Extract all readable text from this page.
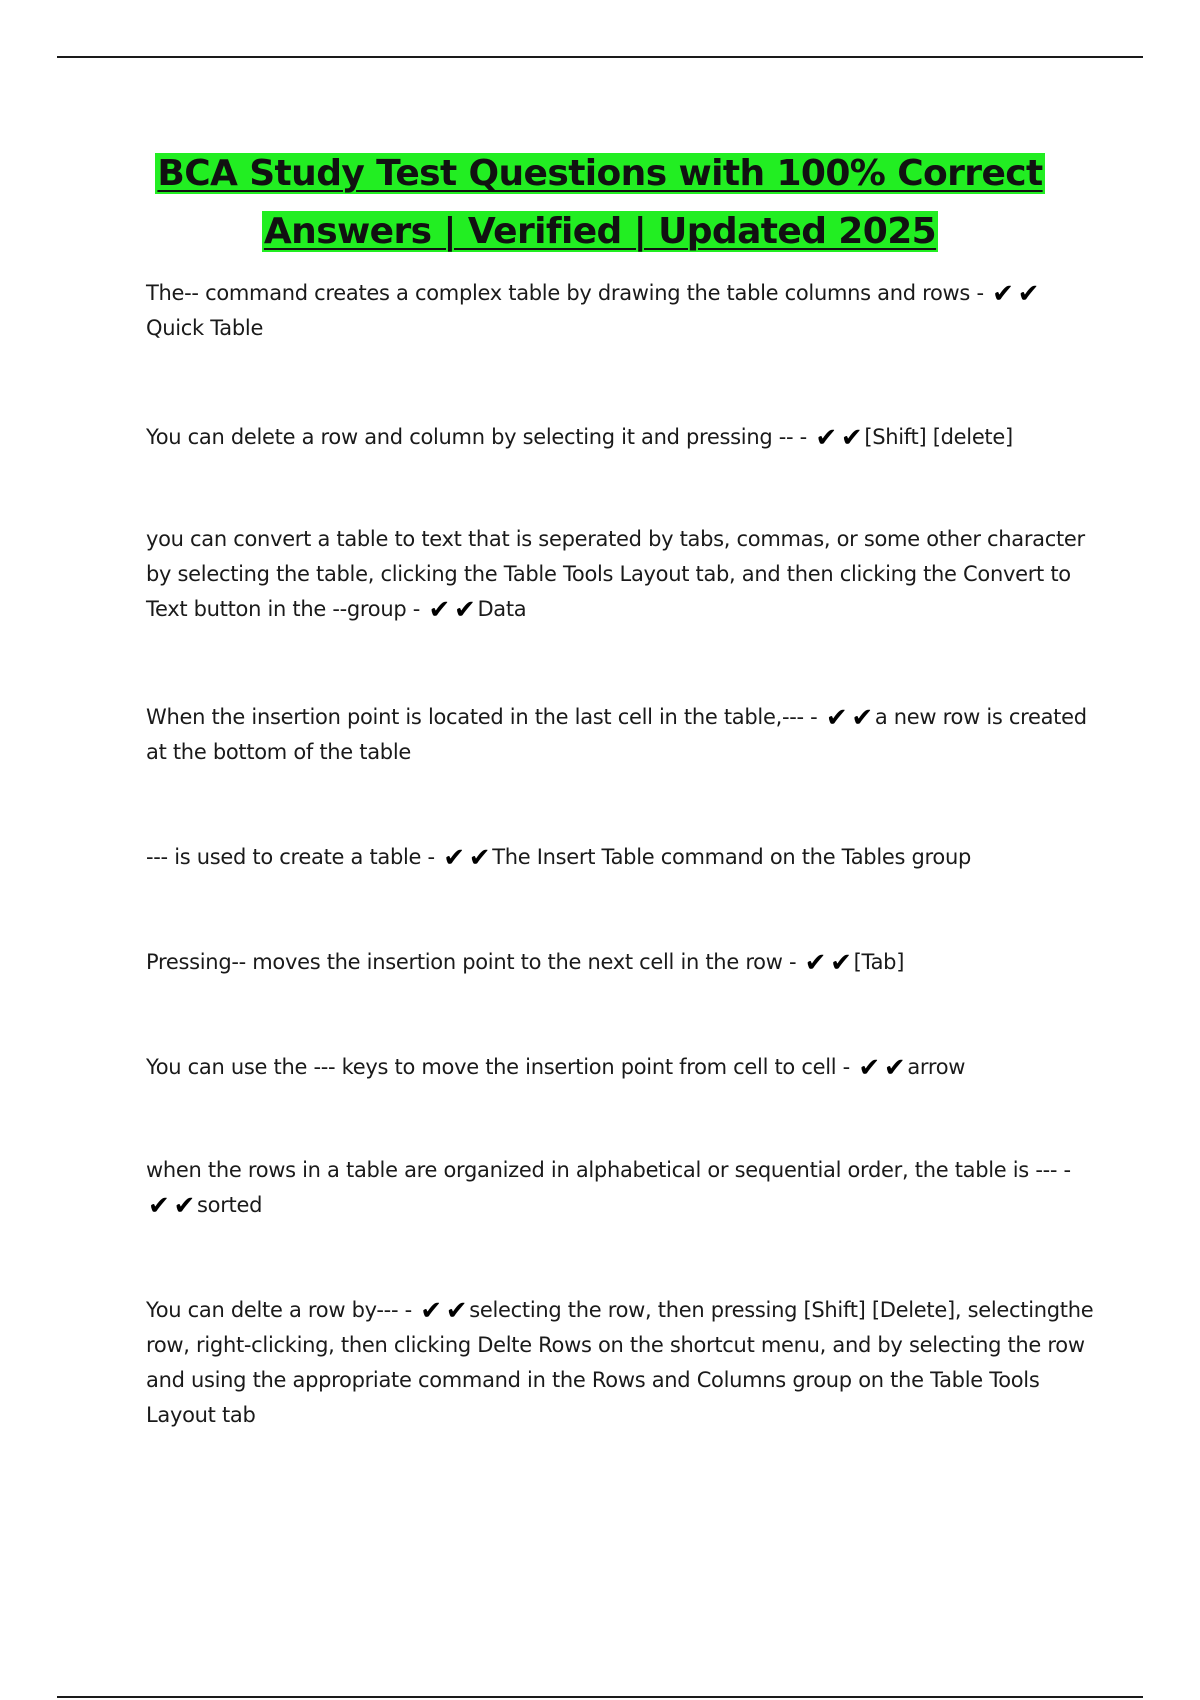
BCA Study Test Questions with 100% Correct
Answers | Verified | Updated 2025
The-- command creates a complex table by drawing the table columns and rows - ✔ ✔Quick Table
You can delete a row and column by selecting it and pressing -- - ✔ ✔[Shift] [delete]
you can convert a table to text that is seperated by tabs, commas, or some other character by selecting the table, clicking the Table Tools Layout tab, and then clicking the Convert to Text button in the --group - ✔ ✔Data
When the insertion point is located in the last cell in the table,--- - ✔ ✔a new row is created at the bottom of the table
--- is used to create a table - ✔ ✔The Insert Table command on the Tables group
Pressing-- moves the insertion point to the next cell in the row - ✔ ✔[Tab]
You can use the --- keys to move the insertion point from cell to cell - ✔ ✔arrow
when the rows in a table are organized in alphabetical or sequential order, the table is --- - ✔ ✔sorted
You can delte a row by--- - ✔ ✔selecting the row, then pressing [Shift] [Delete], selectingthe row, right-clicking, then clicking Delte Rows on the shortcut menu, and by selecting the row and using the appropriate command in the Rows and Columns group on the Table Tools Layout tab
